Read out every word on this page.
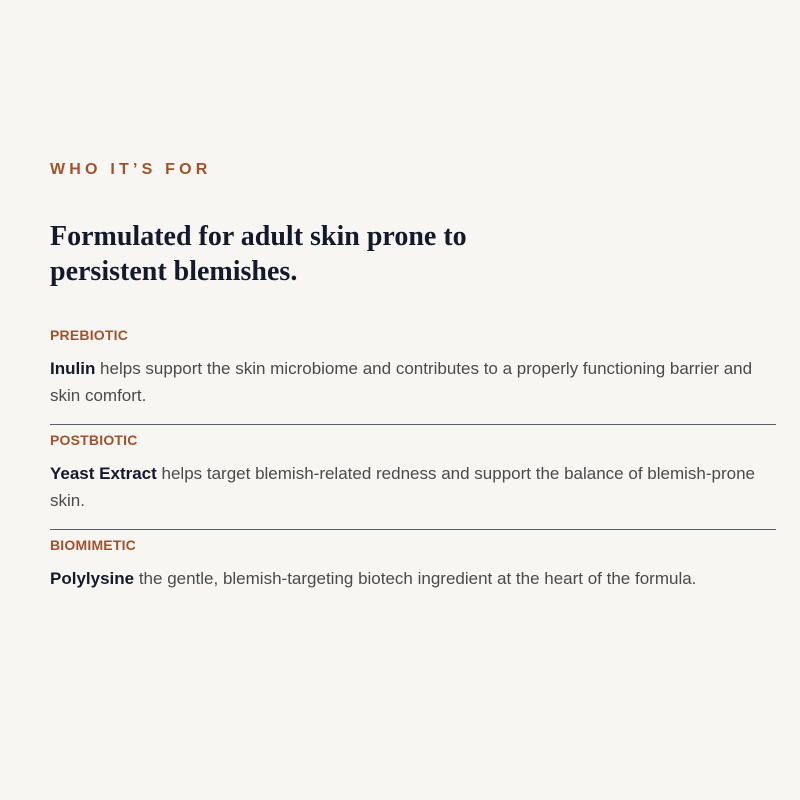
WHO IT’S FOR

Formulated for adult skin prone to persistent blemishes.

PREBIOTIC

Inulin helps support the skin microbiome and contributes to a properly functioning barrier and skin comfort.

POSTBIOTIC

Yeast Extract helps target blemish-related redness and support the balance of blemish-prone skin.

BIOMIMETIC

Polylysine the gentle, blemish-targeting biotech ingredient at the heart of the formula.
